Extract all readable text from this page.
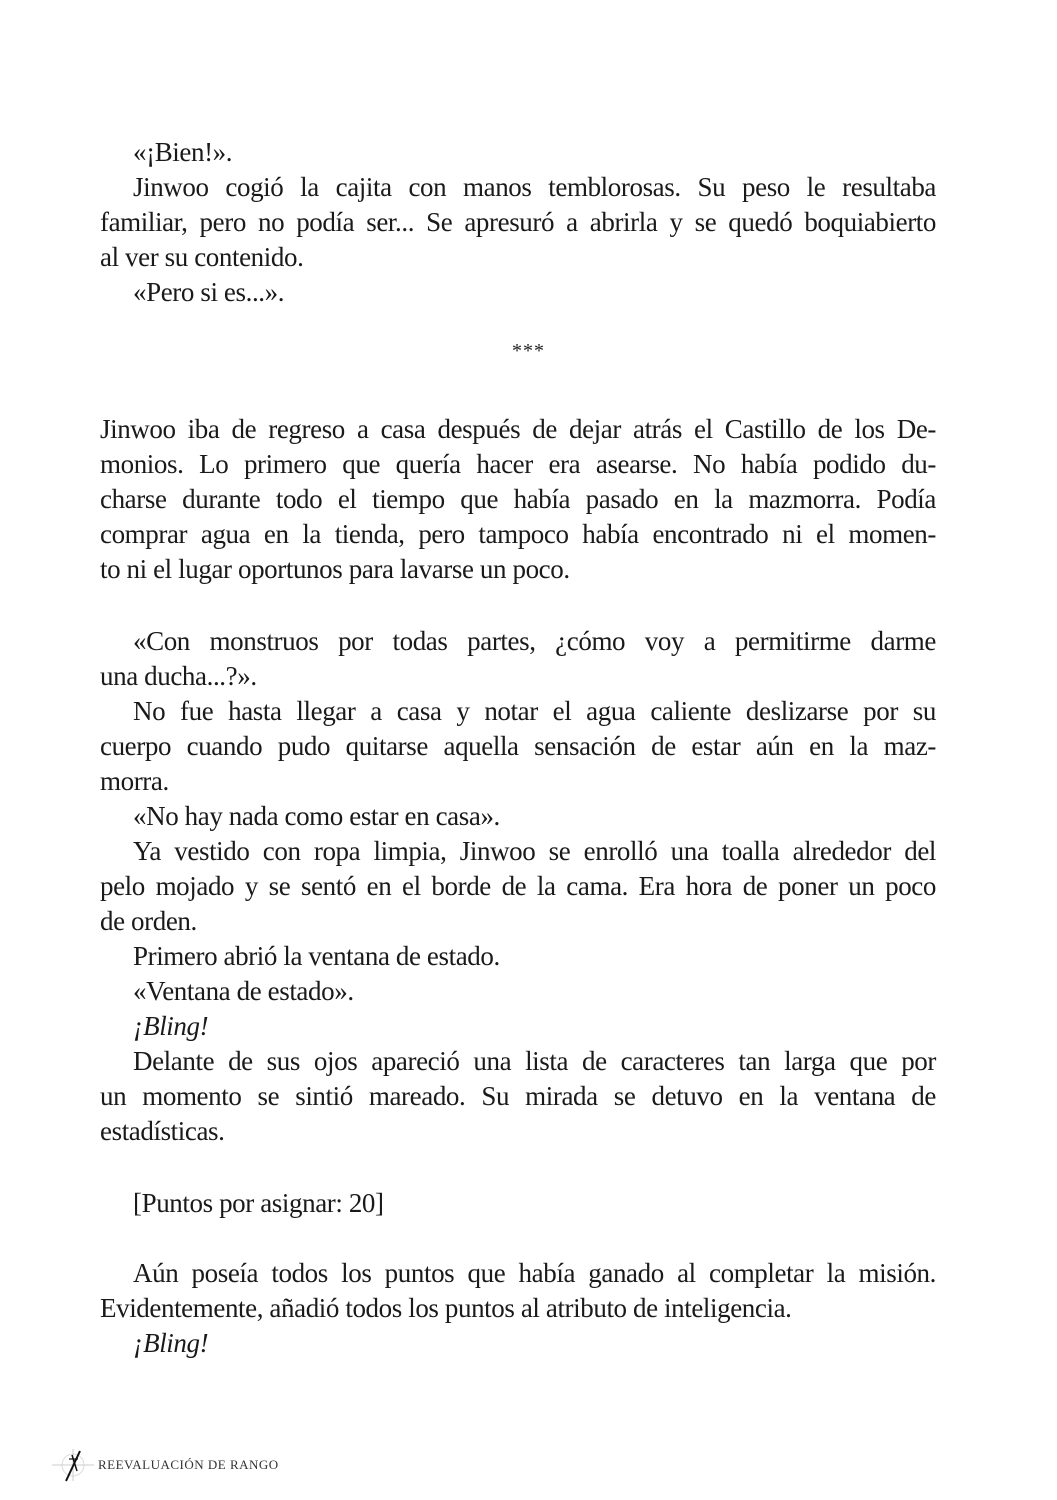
«¡Bien!».
Jinwoo cogió la cajita con manos temblorosas. Su peso le resultaba
familiar, pero no podía ser... Se apresuró a abrirla y se quedó boquiabierto
al ver su contenido.
«Pero si es...».
Jinwoo iba de regreso a casa después de dejar atrás el Castillo de los De-
monios. Lo primero que quería hacer era asearse. No había podido du-
charse durante todo el tiempo que había pasado en la mazmorra. Podía
comprar agua en la tienda, pero tampoco había encontrado ni el momen-
to ni el lugar oportunos para lavarse un poco.
«Con monstruos por todas partes, ¿cómo voy a permitirme darme
una ducha...?».
No fue hasta llegar a casa y notar el agua caliente deslizarse por su
cuerpo cuando pudo quitarse aquella sensación de estar aún en la maz-
morra.
«No hay nada como estar en casa».
Ya vestido con ropa limpia, Jinwoo se enrolló una toalla alrededor del
pelo mojado y se sentó en el borde de la cama. Era hora de poner un poco
de orden.
Primero abrió la ventana de estado.
«Ventana de estado».
¡Bling!
Delante de sus ojos apareció una lista de caracteres tan larga que por
un momento se sintió mareado. Su mirada se detuvo en la ventana de
estadísticas.
[Puntos por asignar: 20]
Aún poseía todos los puntos que había ganado al completar la misión.
Evidentemente, añadió todos los puntos al atributo de inteligencia.
¡Bling!
***
REEVALUACIÓN DE RANGO
